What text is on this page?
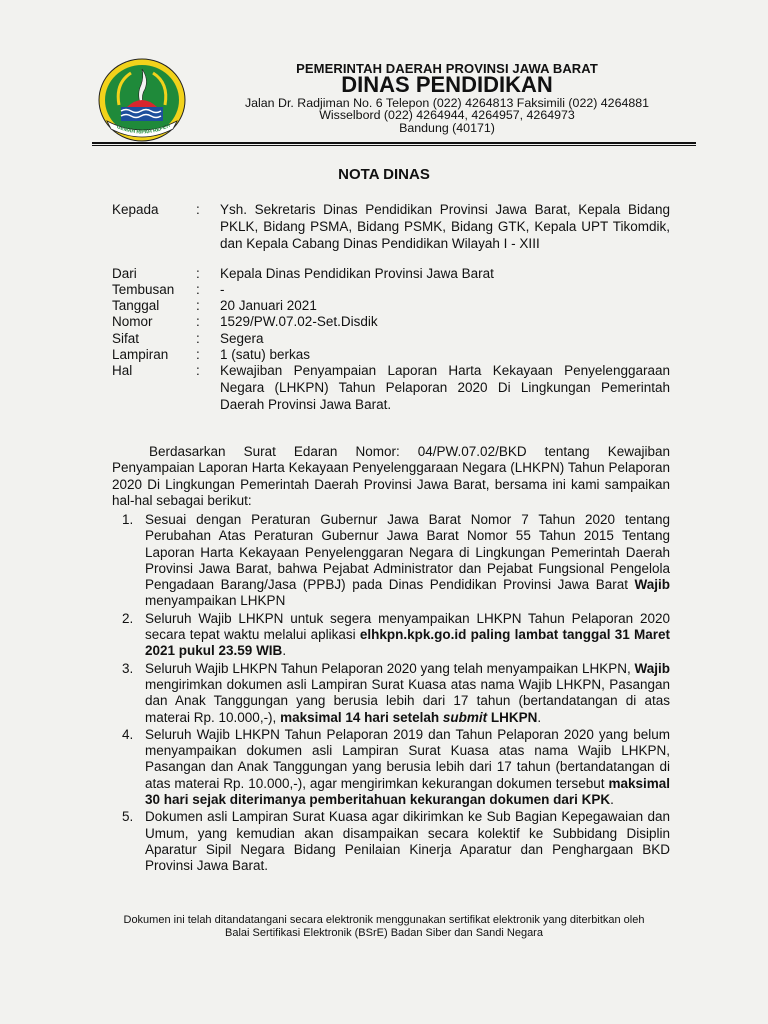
GEMAH RIPAH REPEH
PEMERINTAH DAERAH PROVINSI JAWA BARAT
DINAS PENDIDIKAN
Jalan Dr. Radjiman No. 6 Telepon (022) 4264813 Faksimili (022) 4264881
Wisselbord (022) 4264944, 4264957, 4264973
Bandung (40171)
NOTA DINAS
Kepada	: Ysh. Sekretaris Dinas Pendidikan Provinsi Jawa Barat, Kepala Bidang PKLK, Bidang PSMA, Bidang PSMK, Bidang GTK, Kepala UPT Tikomdik, dan Kepala Cabang Dinas Pendidikan Wilayah I - XIII
Dari	: Kepala Dinas Pendidikan Provinsi Jawa Barat
Tembusan : -
Tanggal	: 20 Januari 2021
Nomor	: 1529/PW.07.02-Set.Disdik
Sifat	: Segera
Lampiran : 1 (satu) berkas
Hal	: Kewajiban Penyampaian Laporan Harta Kekayaan Penyelenggaraan Negara (LHKPN) Tahun Pelaporan 2020 Di Lingkungan Pemerintah Daerah Provinsi Jawa Barat.
Berdasarkan Surat Edaran Nomor: 04/PW.07.02/BKD tentang Kewajiban Penyampaian Laporan Harta Kekayaan Penyelenggaraan Negara (LHKPN) Tahun Pelaporan 2020 Di Lingkungan Pemerintah Daerah Provinsi Jawa Barat, bersama ini kami sampaikan hal-hal sebagai berikut:
1. Sesuai dengan Peraturan Gubernur Jawa Barat Nomor 7 Tahun 2020 tentang Perubahan Atas Peraturan Gubernur Jawa Barat Nomor 55 Tahun 2015 Tentang Laporan Harta Kekayaan Penyelenggaran Negara di Lingkungan Pemerintah Daerah Provinsi Jawa Barat, bahwa Pejabat Administrator dan Pejabat Fungsional Pengelola Pengadaan Barang/Jasa (PPBJ) pada Dinas Pendidikan Provinsi Jawa Barat Wajib menyampaikan LHKPN
2. Seluruh Wajib LHKPN untuk segera menyampaikan LHKPN Tahun Pelaporan 2020 secara tepat waktu melalui aplikasi elhkpn.kpk.go.id paling lambat tanggal 31 Maret 2021 pukul 23.59 WIB.
3. Seluruh Wajib LHKPN Tahun Pelaporan 2020 yang telah menyampaikan LHKPN, Wajib mengirimkan dokumen asli Lampiran Surat Kuasa atas nama Wajib LHKPN, Pasangan dan Anak Tanggungan yang berusia lebih dari 17 tahun (bertandatangan di atas materai Rp. 10.000,-), maksimal 14 hari setelah submit LHKPN.
4. Seluruh Wajib LHKPN Tahun Pelaporan 2019 dan Tahun Pelaporan 2020 yang belum menyampaikan dokumen asli Lampiran Surat Kuasa atas nama Wajib LHKPN, Pasangan dan Anak Tanggungan yang berusia lebih dari 17 tahun (bertandatangan di atas materai Rp. 10.000,-), agar mengirimkan kekurangan dokumen tersebut maksimal 30 hari sejak diterimanya pemberitahuan kekurangan dokumen dari KPK.
5. Dokumen asli Lampiran Surat Kuasa agar dikirimkan ke Sub Bagian Kepegawaian dan Umum, yang kemudian akan disampaikan secara kolektif ke Subbidang Disiplin Aparatur Sipil Negara Bidang Penilaian Kinerja Aparatur dan Penghargaan BKD Provinsi Jawa Barat.
Dokumen ini telah ditandatangani secara elektronik menggunakan sertifikat elektronik yang diterbitkan oleh
Balai Sertifikasi Elektronik (BSrE) Badan Siber dan Sandi Negara
